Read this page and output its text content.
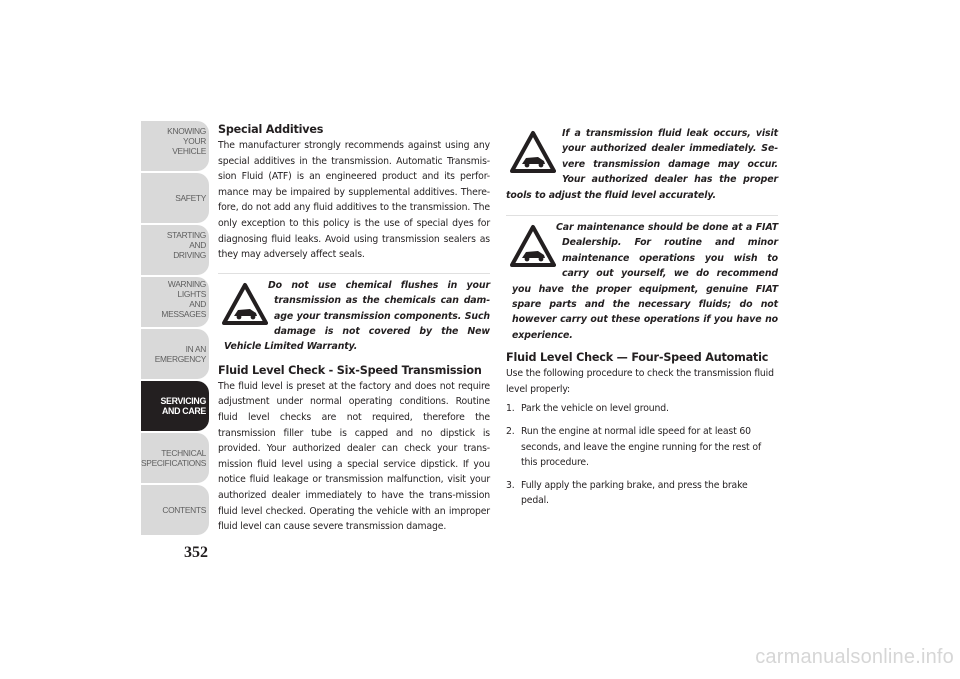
KNOWING
YOUR
VEHICLE
SAFETY
STARTING
AND
DRIVING
WARNING
LIGHTS
AND
MESSAGES
IN AN
EMERGENCY
SERVICING
AND CARE
TECHNICAL
SPECIFICATIONS
CONTENTS
352
Special Additives

The manufacturer strongly recommends against using any special additives in the transmission. Automatic Transmis-sion Fluid (ATF) is an engineered product and its perfor-mance may be impaired by supplemental additives. There-fore, do not add any fluid additives to the transmission. The only exception to this policy is the use of special dyes for diagnosing fluid leaks. Avoid using transmission sealers as they may adversely affect seals.

Do not use chemical flushes in your transmission as the chemicals can dam-age your transmission components. Such damage is not covered by the New Vehicle Limited Warranty.

Fluid Level Check - Six-Speed Transmission

The fluid level is preset at the factory and does not require adjustment under normal operating conditions. Routine fluid level checks are not required, therefore the transmission filler tube is capped and no dipstick is provided. Your authorized dealer can check your trans-mission fluid level using a special service dipstick. If you notice fluid leakage or transmission malfunction, visit your authorized dealer immediately to have the trans-mission fluid level checked. Operating the vehicle with an improper fluid level can cause severe transmission damage.

If a transmission fluid leak occurs, visit your authorized dealer immediately. Se-vere transmission damage may occur. Your authorized dealer has the proper tools to adjust the fluid level accurately.

Car maintenance should be done at a FIAT Dealership. For routine and minor maintenance operations you wish to carry out yourself, we do recommend you have the proper equipment, genuine FIAT spare parts and the necessary fluids; do not however carry out these operations if you have no experience.

Fluid Level Check — Four-Speed Automatic

Use the following procedure to check the transmission fluid level properly:

1. Park the vehicle on level ground.
2. Run the engine at normal idle speed for at least 60 seconds, and leave the engine running for the rest of this procedure.
3. Fully apply the parking brake, and press the brake pedal.
carmanualsonline.info
